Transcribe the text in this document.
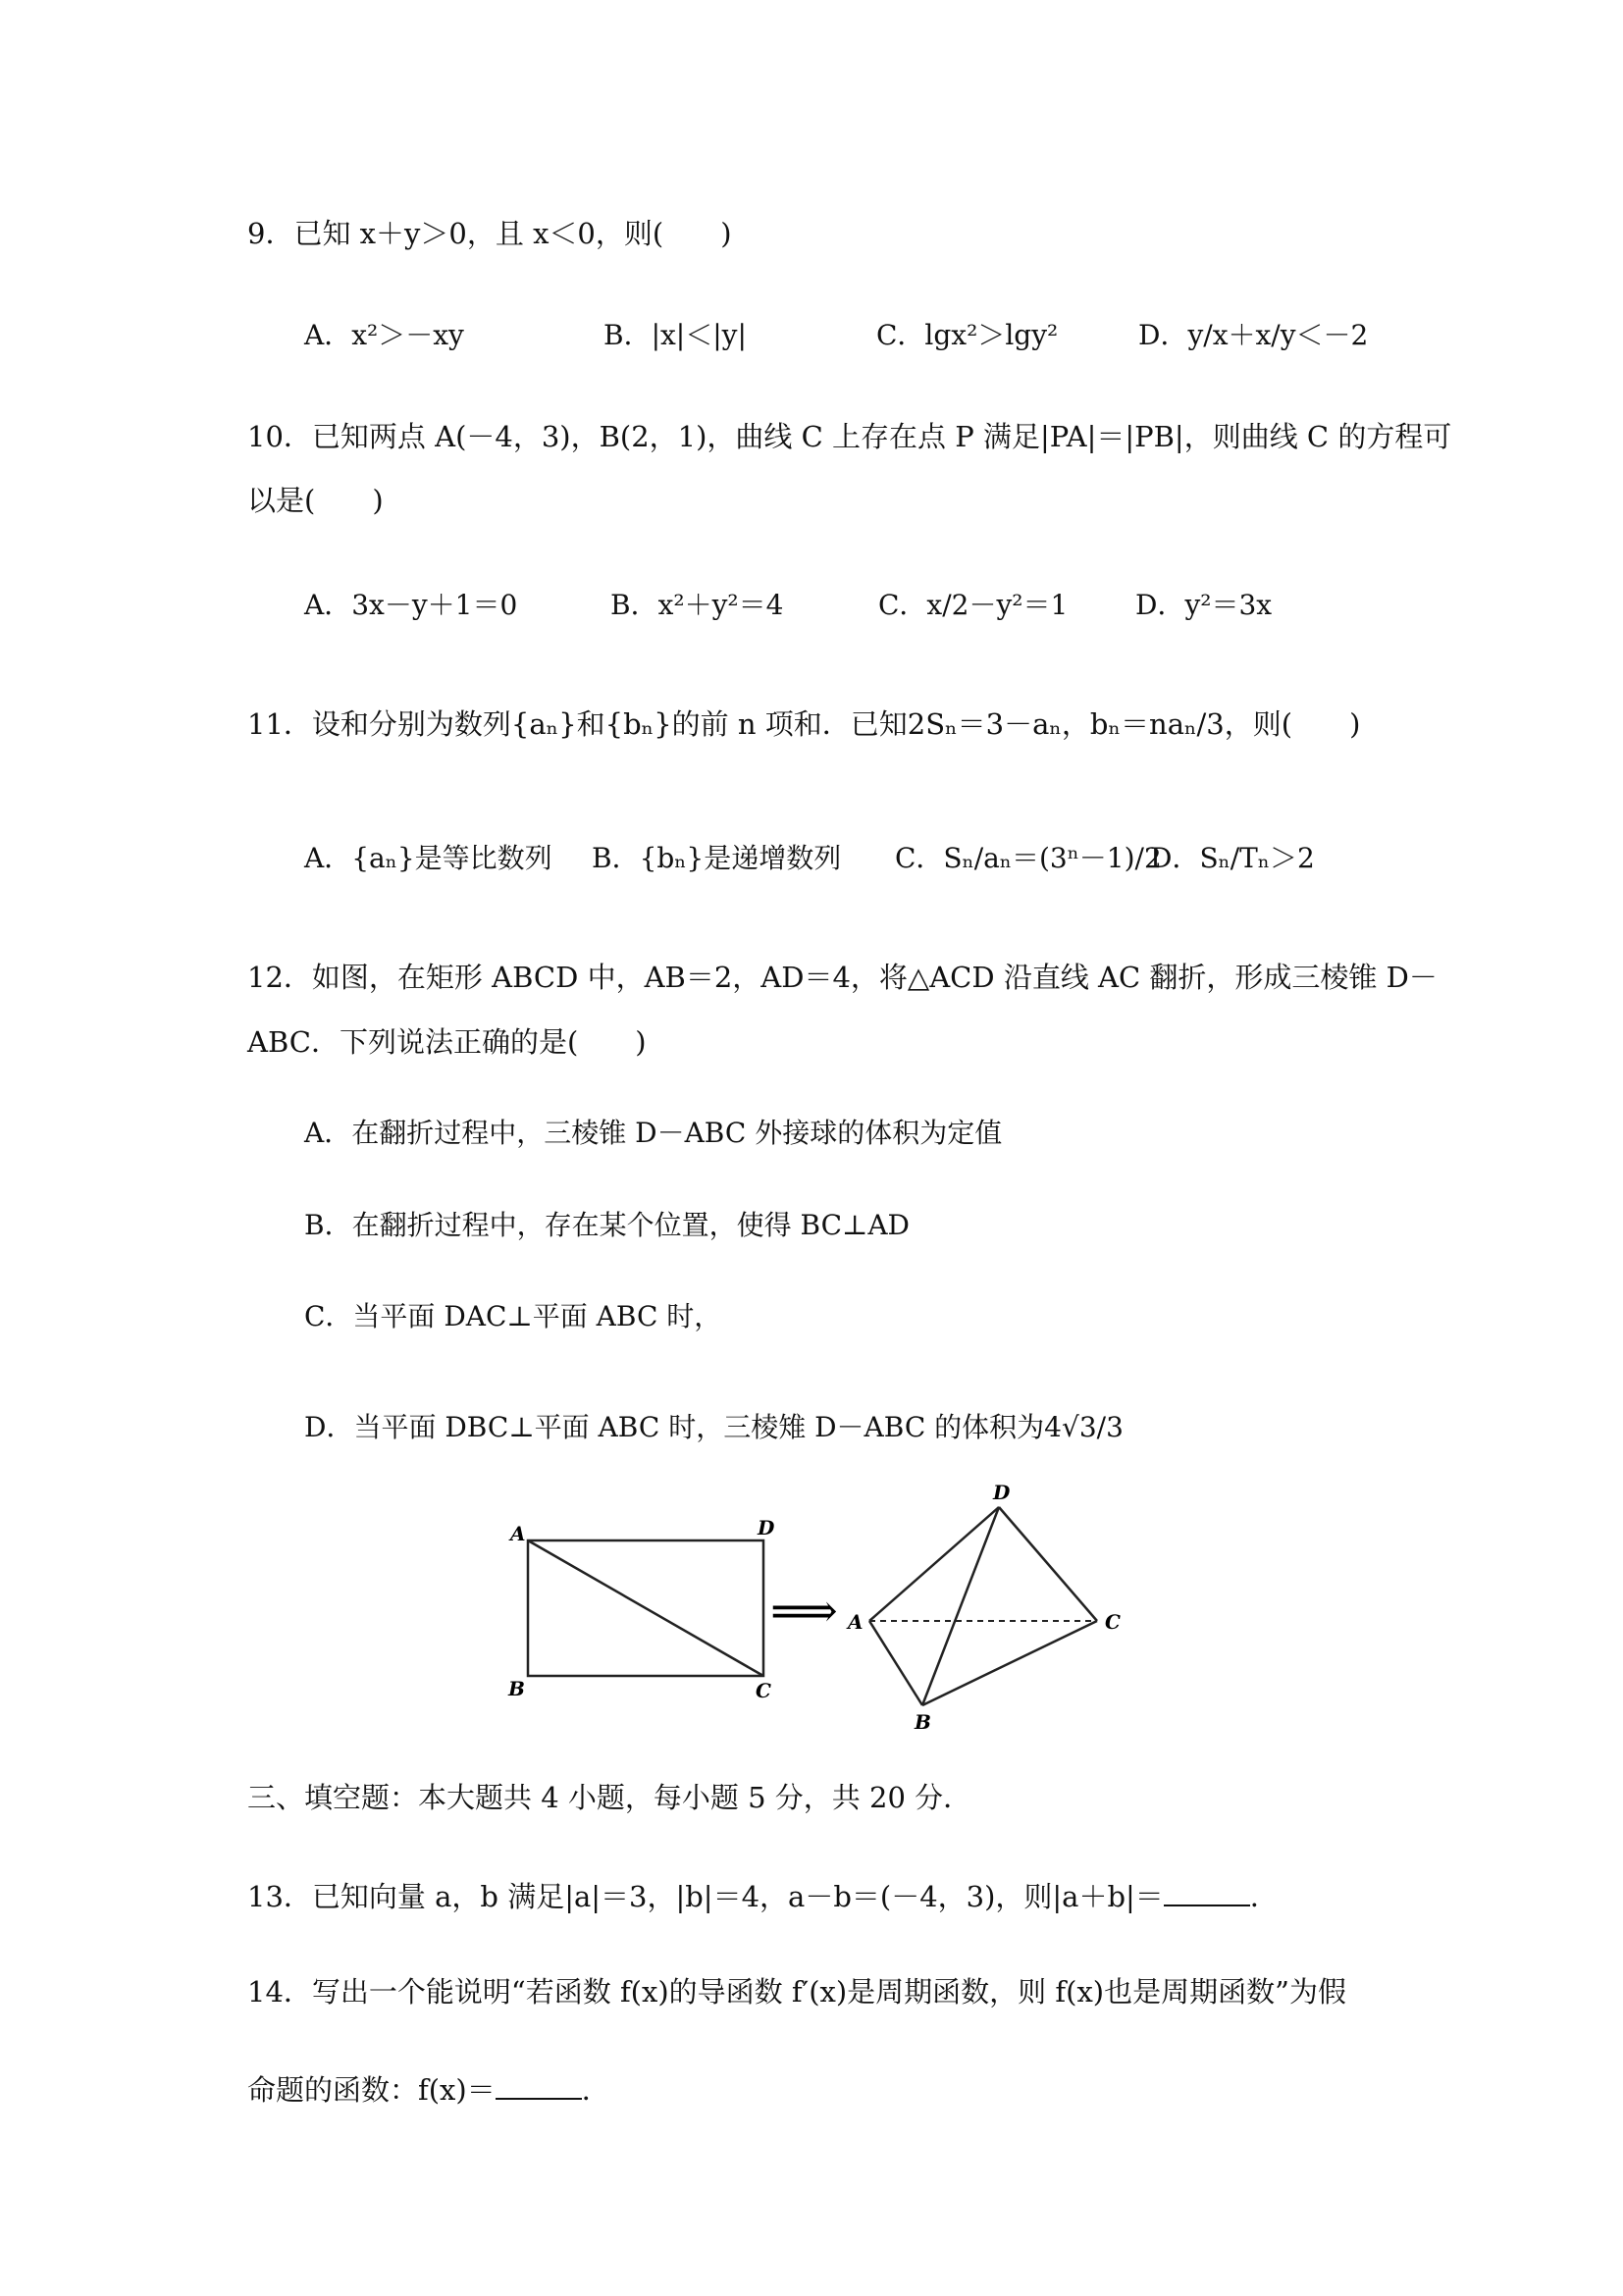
9．已知 x＋y＞0，且 x＜0，则(　　)
A．x²＞－xy	B．|x|＜|y|	C．lgx²＞lgy²	D．y/x＋x/y＜－2
10．已知两点 A(－4，3)，B(2，1)，曲线 C 上存在点 P 满足|PA|＝|PB|，则曲线 C 的方程可
以是(　　)
A．3x－y＋1＝0	B．x²＋y²＝4	C．x/2－y²＝1 D．y²＝3x
11．设和分别为数列{aₙ}和{bₙ}的前 n 项和．已知2Sₙ＝3－aₙ，bₙ＝naₙ/3，则(　　)
A．{aₙ}是等比数列 B．{bₙ}是递增数列 C．Sₙ/aₙ＝(3ⁿ－1)/2
D．Sₙ/Tₙ＞2
12．如图，在矩形 ABCD 中，AB＝2，AD＝4，将△ACD 沿直线 AC 翻折，形成三棱锥 D－
ABC．下列说法正确的是(　　)
A．在翻折过程中，三棱锥 D－ABC 外接球的体积为定值
B．在翻折过程中，存在某个位置，使得 BC⊥AD
C．当平面 DAC⊥平面 ABC 时，
D．当平面 DBC⊥平面 ABC 时，三棱雉 D－ABC 的体积为4√3/3
A	D
B	C
⟹ A
D
C
B
三、填空题：本大题共 4 小题，每小题 5 分，共 20 分．
13．已知向量 a，b 满足|a|＝3，|b|＝4，a－b＝(－4，3)，则|a＋b|＝	．
14．写出一个能说明“若函数 f(x)的导函数 f′(x)是周期函数，则 f(x)也是周期函数”为假
命题的函数：f(x)＝	．
